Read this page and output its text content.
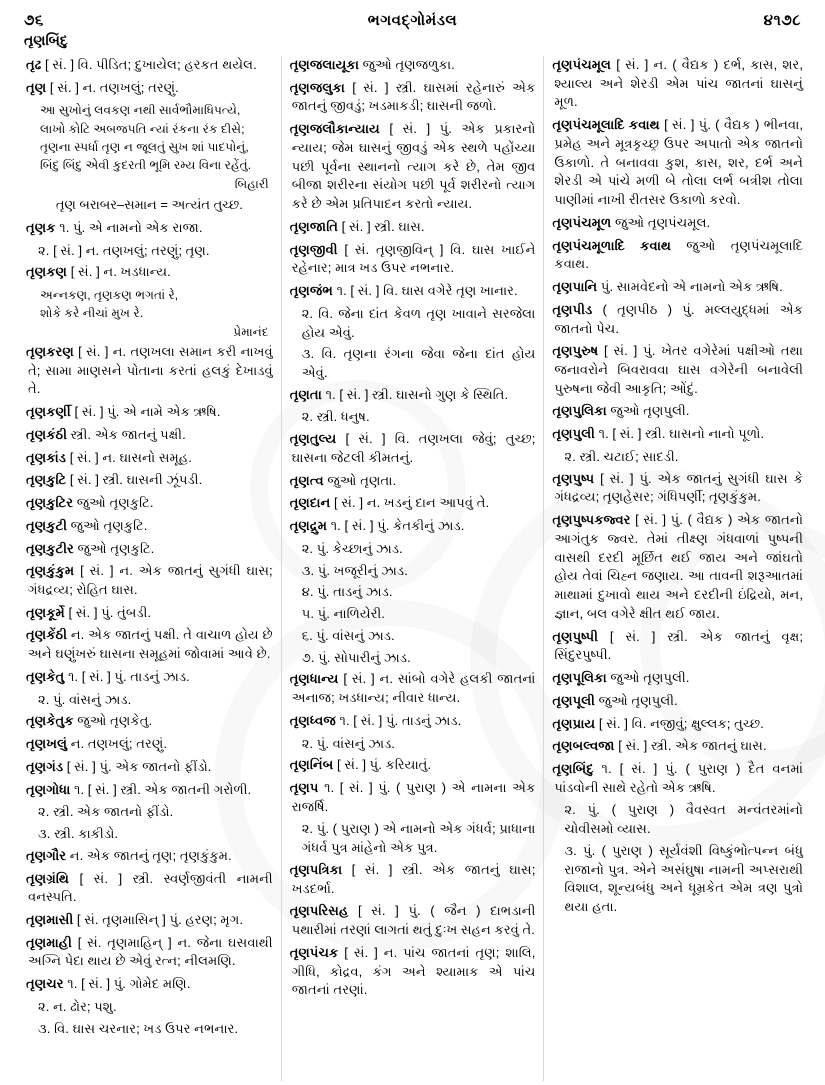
૭૬	ભગવદ્ગોમંડલ	૪૧૭૮
તૃણબિંદુ

તૃઢ [ સં. ] વિ. પીડિત; દુખાયેલ; હરકત થયેલ.

તૃણ [ સં. ] ન. તણખલું; તરણું.

આ સુખોનું લવકણ નથી સાર્વભૌમાધિપત્યે,
લાખો કોટિ અબજપતિ ન્યાં રંકના રંક દીસે;
તૃણના સ્પર્ધા તૃણ ન જૂલતું સુખ શાં પાદપોનું,
બિંદુ બિંદુ એવી કુદરતી ભૂમિ રમ્ય વિના રહેંતું.
બિહારી

તૃણ બરાબર–સમાન = અત્યંત તુચ્છ.

તૃણક ૧. પું. એ નામનો એક રાજા.

૨. [ સં. ] ન. તણખલું; તરણું; તૃણ.

તૃણકણ [ સં. ] ન. ખડધાન્ય.

અન્નકણ, તૃણકણ ભગતાં રે,
શોકે કરે નીચાં મુખ રે.
પ્રેમાનંદ

તૃણકરણ [ સં. ] ન. તણખલા સમાન કરી નાખવું તે; સામા માણસને પોતાના કરતાં હલકું દેખાડવું તે.

તૃણકર્ણી [ સં. ] પું. એ નામે એક ઋષિ.

તૃણકંઠી સ્ત્રી. એક જાતનું પક્ષી.

તૃણકાંડ [ સં. ] ન. ઘાસનો સમૂહ.

તૃણકુટિ [ સં. ] સ્ત્રી. ઘાસની ઝૂંપડી.

તૃણકુટિર જુઓ તૃણકુટિ.

તૃણકુટી જુઓ તૃણકુટિ.

તૃણકુટીર જુઓ તૃણકુટિ.

તૃણકુંકુમ [ સં. ] ન. એક જાતનું સુગંધી ઘાસ; ગંધદ્રવ્ય; રોહિત ઘાસ.

તૃણકૂર્મે [ સં. ] પું. તુંબડી.

તૃણકેંઠી ન. એક જાતનું પક્ષી. તે વાચાળ હોય છે અને ઘણુંખરું ઘાસના સમૂહમાં જોવામાં આવે છે.

તૃણકેતુ ૧. [ સં. ] પું. તાડનું ઝાડ.

૨. પું. વાંસનું ઝાડ.

તૃણકેતુક જુઓ તૃણકેતુ.

તૃણખલું ન. તણખલું; તરણું.

તૃણગંડ [ સં. ] પું. એક જાતનો ફીંડો.

તૃણગોધા ૧. [ સં. ] સ્ત્રી. એક જાતની ગરોળી.

૨. સ્ત્રી. એક જાતનો ફીંડો.

૩. સ્ત્રી. કાકીડો.

તૃણગૌર ન. એક જાતનું તૃણ; તૃણકુંકુમ.

તૃણગ્રંથિ [ સં. ] સ્ત્રી. સ્વર્ણજીવંતી નામની વનસ્પતિ.

તૃણમાસી [ સં. તૃણમાસિન્ ] પું. હરણ; મૃગ.

તૃણમાહી [ સં. તૃણમાહિન્ ] ન. જેના ઘસવાથી અગ્નિ પેદા થાય છે એવું રત્ન; નીલમણિ.

તૃણચર ૧. [ સં. ] પું. ગોમેદ મણિ.

૨. ન. ઢોર; પશુ.

૩. વિ. ઘાસ ચરનાર; ખડ ઉપર નભનાર.

તૃણજલાયૂકા જુઓ તૃણજળુકા.

તૃણજલુકા [ સં. ] સ્ત્રી. ઘાસમાં રહેનારું એક જાતનું જીવડું; ખડમાકડી; ઘાસની જળો.

તૃણજલૌકાન્યાય [ સં. ] પું. એક પ્રકારનો ન્યાય; જેમ ઘાસનું જીવડું એક સ્થળે પહોંચ્યા પછી પૂર્વના સ્થાનનો ત્યાગ કરે છે, તેમ જીવ બીજા શરીરના સંયોગ પછી પૂર્વ શરીરનો ત્યાગ કરે છે એમ પ્રતિપાદન કરતો ન્યાય.

તૃણજાતિ [ સં. ] સ્ત્રી. ઘાસ.

તૃણજીવી [ સં. તૃણજીવિન્ ] વિ. ઘાસ ખાઈને રહેનાર; માત્ર ખડ ઉપર નભનાર.

તૃણજંભ ૧. [ સં. ] વિ. ઘાસ વગેરે તૃણ ખાનાર.

૨. વિ. જેના દાંત કેવળ તૃણ ખાવાને સરજેલા હોય એવું.

૩. વિ. તૃણના રંગના જેવા જેના દાંત હોય એવું.

તૃણતા ૧. [ સં. ] સ્ત્રી. ઘાસનો ગુણ કે સ્થિતિ.

૨. સ્ત્રી. ધનુષ.

તૃણતુલ્ય [ સં. ] વિ. તણખલા જેવું; તુચ્છ; ઘાસના જેટલી કીમતનું.

તૃણત્વ જુઓ તૃણતા.

તૃણદાન [ સં. ] ન. ખડનું દાન આપવું તે.

તૃણદ્રુમ ૧. [ સં. ] પું. કેતકીનું ઝાડ.

૨. પું. કેચ્છાનું ઝાડ.

૩. પું. ખજૂરીનું ઝાડ.

૪. પું. તાડનું ઝાડ.

૫. પું. નાળિયેરી.

૬. પું. વાંસનું ઝાડ.

૭. પું. સોપારીનું ઝાડ.

તૃણધાન્ય [ સં. ] ન. સાંબો વગેરે હલકી જાતનાં અનાજ; ખડધાન્ય; નીવાર ધાન્ય.

તૃણધ્વજ ૧. [ સં. ] પું. તાડનું ઝાડ.

૨. પું. વાંસનું ઝાડ.

તૃણનિંબ [ સં. ] પું. કરિયાતું.

તૃણપ ૧. [ સં. ] પું. ( પુરાણ ) એ નામના એક રાજર્ષિ.

૨. પું. ( પુરાણ ) એ નામનો એક ગંધર્વ; પ્રાધાના ગંધર્વ પુત્ર માંહેનો એક પુત્ર.

તૃણપત્રિકા [ સં. ] સ્ત્રી. એક જાતનું ઘાસ; ખડદર્ભા.

તૃણપરિસહ [ સં. ] પું. ( જૈન ) દાભડાની પથારીમાં તરણાં લાગતાં થતું દુઃખ સહન કરવું તે.

તૃણપંચક [ સં. ] ન. પાંચ જાતનાં તૃણ; શાલિ, ગીધિ, કોદ્રવ, કંગ અને શ્યામાક એ પાંચ જાતનાં તરણાં.

તૃણપંચમૂલ [ સં. ] ન. ( વૈદ્યક ) દર્ભ, કાસ, શર, શ્યાલ્ય અને શેરડી એમ પાંચ જાતનાં ઘાસનું મૂળ.

તૃણપંચમૂલાદિ કવાથ [ સં. ] પું. ( વૈદ્યક ) ભીનવા, પ્રમેહ અને મૂત્રકૃચ્છ્ર ઉપર અપાતો એક જાતનો ઉકાળો. તે બનાવવા કુશ, કાસ, શર, દર્ભ અને શેરડી એ પાંચે મળી બે તોલા લર્ભ બત્રીશ તોલા પાણીમાં નાખી રીતસર ઉકાળો કરવો.

તૃણપંચમૂળ જુઓ તૃણપંચમૂલ.

તૃણપંચમૂળાદિ કવાથ જુઓ તૃણપંચમૂલાદિ કવાથ.

તૃણપાનિ પું. સામવેદનો એ નામનો એક ઋષિ.

તૃણપીડ ( તૃણપીઠ ) પું. મલ્લયુદ્ધમાં એક જાતનો પેચ.

તૃણપુરુષ [ સં. ] પું. ખેતર વગેરેમાં પક્ષીઓ તથા જનાવરોને બિવરાવવા ઘાસ વગેરેની બનાવેલી પુરુષના જેવી આકૃતિ; ઓંદું.

તૃણપુલિકા જુઓ તૃણપુલી.

તૃણપુલી ૧. [ સં. ] સ્ત્રી. ઘાસનો નાનો પૂળો.

૨. સ્ત્રી. ચટાઈ; સાદડી.

તૃણપુષ્પ [ સં. ] પું. એક જાતનું સુગંધી ઘાસ કે ગંધદ્રવ્ય; તૃણહેસર; ગંધિપર્ણી; તૃણકુંકુમ.

તૃણપુષ્પકજ્વર [ સં. ] પું. ( વૈદ્યક ) એક જાતનો આગંતુક જ્વર. તેમાં તીક્ષ્ણ ગંધવાળાં પુષ્પની વાસથી દરદી મૂર્છિત થઈ જાય અને જાંઘતો હોય તેવાં ચિહ્ન જણાય. આ તાવની શરૂઆતમાં માથામાં દુખાવો થાય અને દરદીની ઇંદ્રિયો, મન, જ્ઞાન, બલ વગેરે ક્ષીત થઈ જાય.

તૃણપુષ્પી [ સં. ] સ્ત્રી. એક જાતનું વૃક્ષ; સિંદુરપુષ્પી.

તૃણપૂલિકા જુઓ તૃણપુલી.

તૃણપૂલી જુઓ તૃણપુલી.

તૃણપ્રાય [ સં. ] વિ. નજીવું; ક્ષુલ્લક; તુચ્છ.

તૃણબલ્વજા [ સં. ] સ્ત્રી. એક જાતનું ઘાસ.

તૃણબિંદુ ૧. [ સં. ] પું. ( પુરાણ ) દૈત વનમાં પાંડવોની સાથે રહેતો એક ઋષિ.

૨. પું. ( પુરાણ ) વૈવસ્વત મન્વંતરમાંનો ચોવીસમો વ્યાસ.

૩. પું. ( પુરાણ ) સૂર્યવંશી વિષ્કુંભોત્પન્ન બંધુ રાજાનો પુત્ર. એને અસંઘુષા નામની અપ્સરાથી વિશાલ, શૂન્યબંધુ અને ધૂમ્રકેત એમ ત્રણ પુત્રો થયા હતા.
